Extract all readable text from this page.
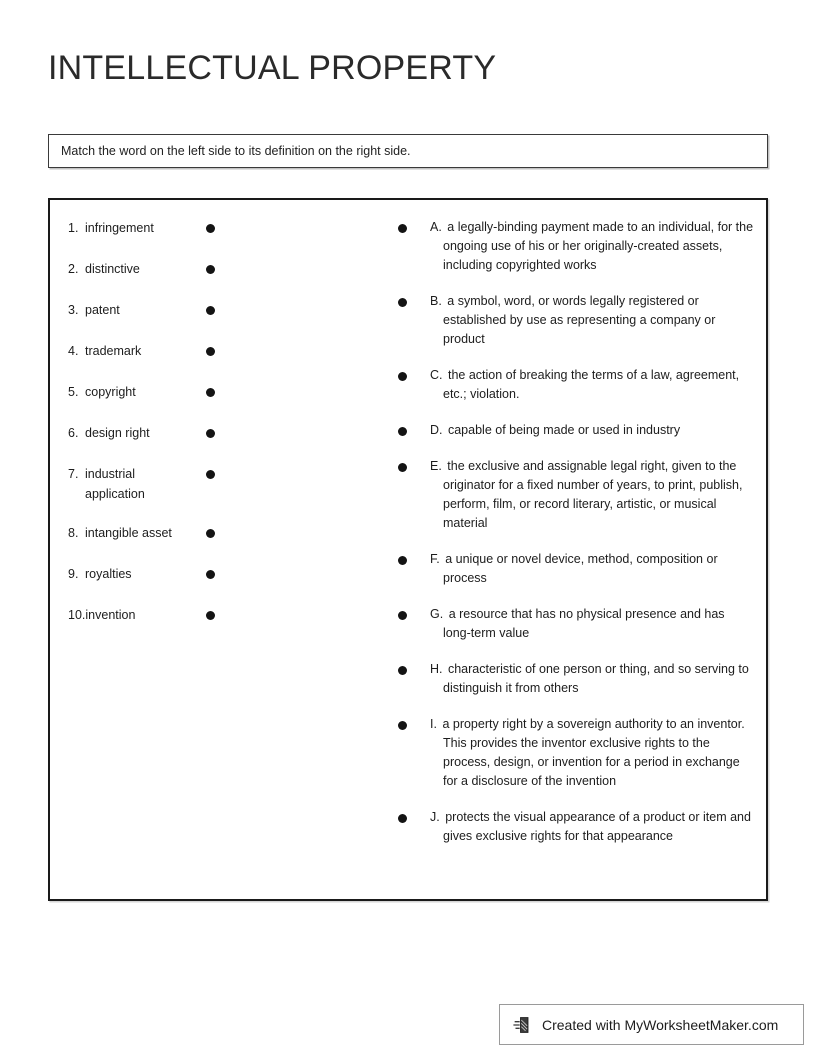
INTELLECTUAL PROPERTY
Match the word on the left side to its definition on the right side.
1. infringement
2. distinctive
3. patent
4. trademark
5. copyright
6. design right
7. industrial application
8. intangible asset
9. royalties
10.invention
A. a legally-binding payment made to an individual, for the ongoing use of his or her originally-created assets, including copyrighted works
B. a symbol, word, or words legally registered or established by use as representing a company or product
C. the action of breaking the terms of a law, agreement, etc.; violation.
D. capable of being made or used in industry
E. the exclusive and assignable legal right, given to the originator for a fixed number of years, to print, publish, perform, film, or record literary, artistic, or musical material
F. a unique or novel device, method, composition or process
G. a resource that has no physical presence and has long-term value
H. characteristic of one person or thing, and so serving to distinguish it from others
I. a property right by a sovereign authority to an inventor. This provides the inventor exclusive rights to the process, design, or invention for a period in exchange for a disclosure of the invention
J. protects the visual appearance of a product or item and gives exclusive rights for that appearance
Created with MyWorksheetMaker.com
